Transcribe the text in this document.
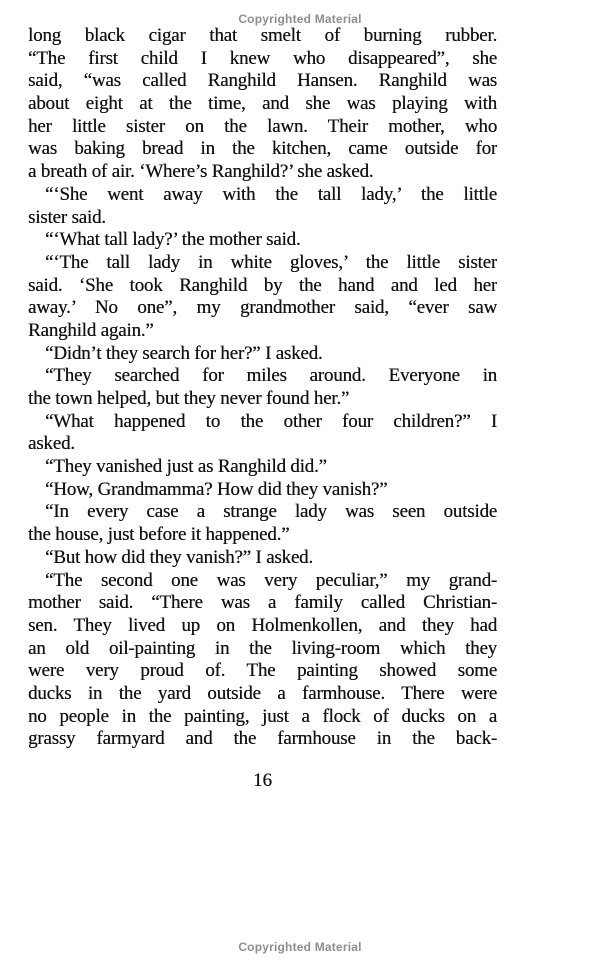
Copyrighted Material
long black cigar that smelt of burning rubber.
“The first child I knew who disappeared”, she
said, “was called Ranghild Hansen. Ranghild was
about eight at the time, and she was playing with
her little sister on the lawn. Their mother, who
was baking bread in the kitchen, came outside for
a breath of air. ‘Where’s Ranghild?’ she asked.
“‘She went away with the tall lady,’ the little
sister said.
“‘What tall lady?’ the mother said.
“‘The tall lady in white gloves,’ the little sister
said. ‘She took Ranghild by the hand and led her
away.’ No one”, my grandmother said, “ever saw
Ranghild again.”
“Didn’t they search for her?” I asked.
“They searched for miles around. Everyone in
the town helped, but they never found her.”
“What happened to the other four children?” I
asked.
“They vanished just as Ranghild did.”
“How, Grandmamma? How did they vanish?”
“In every case a strange lady was seen outside
the house, just before it happened.”
“But how did they vanish?” I asked.
“The second one was very peculiar,” my grand-
mother said. “There was a family called Christian-
sen. They lived up on Holmenkollen, and they had
an old oil-painting in the living-room which they
were very proud of. The painting showed some
ducks in the yard outside a farmhouse. There were
no people in the painting, just a flock of ducks on a
grassy farmyard and the farmhouse in the back-
16
Copyrighted Material
